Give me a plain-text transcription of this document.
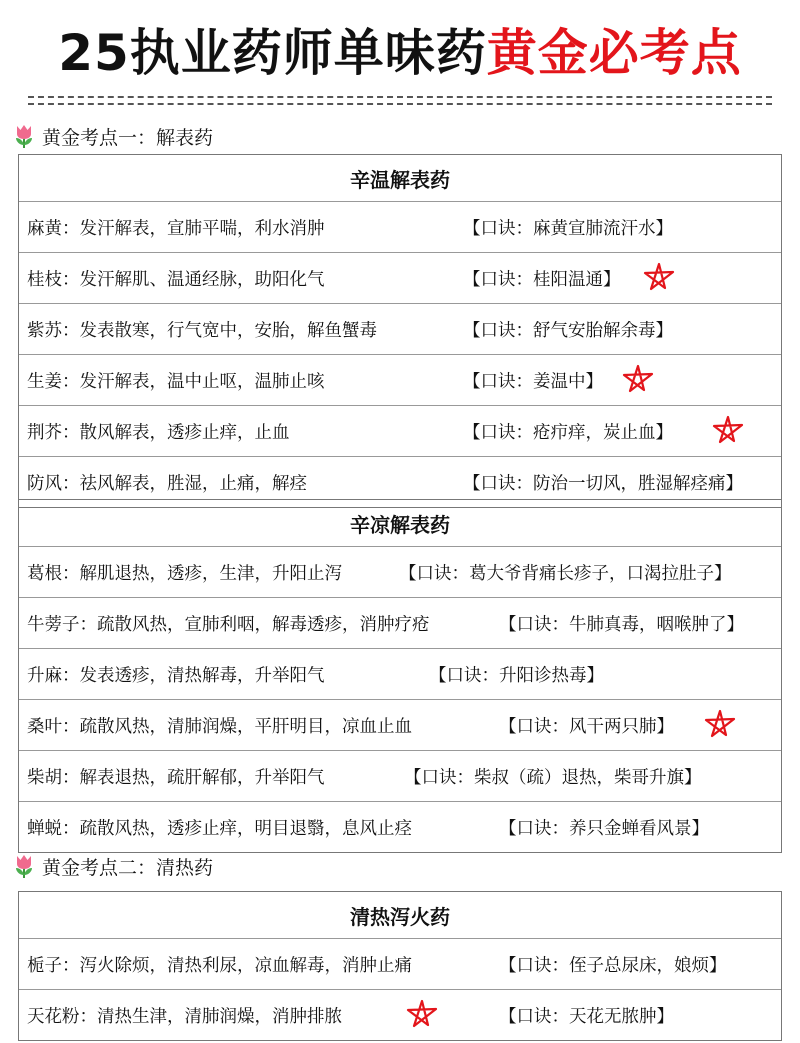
25执业药师单味药黄金必考点
黄金考点一：解表药
辛温解表药
麻黄：发汗解表，宣肺平喘，利水消肿	【口诀：麻黄宣肺流汗水】
桂枝：发汗解肌、温通经脉，助阳化气	【口诀：桂阳温通】
紫苏：发表散寒，行气宽中，安胎，解鱼蟹毒	【口诀：舒气安胎解余毒】
生姜：发汗解表，温中止呕，温肺止咳	【口诀：姜温中】
荆芥：散风解表，透疹止痒，止血	【口诀：疮疖痒，炭止血】
防风：祛风解表，胜湿，止痛，解痉	【口诀：防治一切风，胜湿解痉痛】
辛凉解表药
葛根：解肌退热，透疹，生津，升阳止泻	【口诀：葛大爷背痛长疹子，口渴拉肚子】
牛蒡子：疏散风热，宣肺利咽，解毒透疹，消肿疗疮	【口诀：牛肺真毒，咽喉肿了】
升麻：发表透疹，清热解毒，升举阳气	【口诀：升阳诊热毒】
桑叶：疏散风热，清肺润燥，平肝明目，凉血止血	【口诀：风干两只肺】
柴胡：解表退热，疏肝解郁，升举阳气	【口诀：柴叔（疏）退热，柴哥升旗】
蝉蜕：疏散风热，透疹止痒，明目退翳，息风止痉	【口诀：养只金蝉看风景】
黄金考点二：清热药
清热泻火药
栀子：泻火除烦，清热利尿，凉血解毒，消肿止痛	【口诀：侄子总尿床，娘烦】
天花粉：清热生津，清肺润燥，消肿排脓	【口诀：天花无脓肿】
